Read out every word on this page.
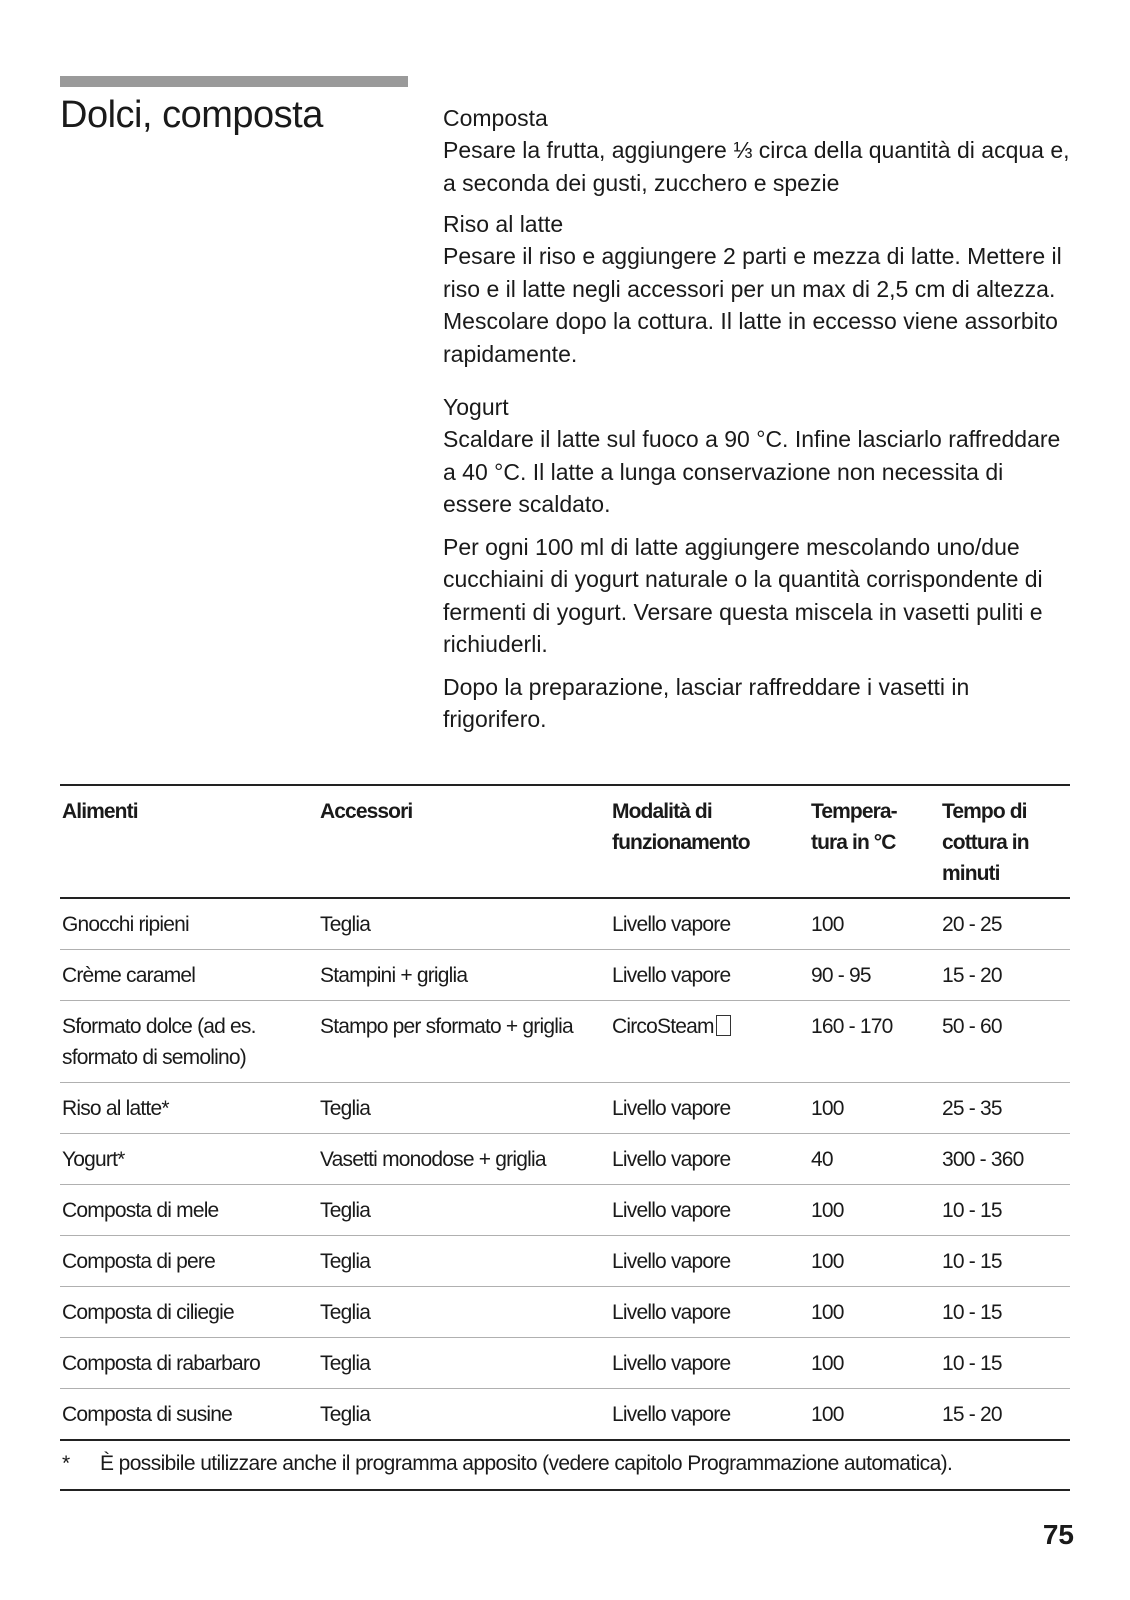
Dolci, composta	Composta

Pesare la frutta, aggiungere ⅓ circa della quantità di acqua e, a seconda dei gusti, zucchero e spezie

Riso al latte

Pesare il riso e aggiungere 2 parti e mezza di latte. Mettere il riso e il latte negli accessori per un max di 2,5 cm di altezza. Mescolare dopo la cottura. Il latte in eccesso viene assorbito rapidamente.

Yogurt

Scaldare il latte sul fuoco a 90 °C. Infine lasciarlo raffreddare a 40 °C. Il latte a lunga conservazione non necessita di essere scaldato.

Per ogni 100 ml di latte aggiungere mescolando uno/due cucchiaini di yogurt naturale o la quantità corrispondente di fermenti di yogurt. Versare questa miscela in vasetti puliti e richiuderli.

Dopo la preparazione, lasciar raffreddare i vasetti in frigorifero.

Alimenti	Accessori	Modalità di funzionamento	Tempera- tura in °C	Tempo di cottura in minuti
Gnocchi ripieni	Teglia	Livello vapore	100	20 - 25
Crème caramel	Stampini + griglia	Livello vapore	90 - 95	15 - 20
Sformato dolce (ad es. sformato di semolino)	Stampo per sformato + griglia	CircoSteam	160 - 170	50 - 60
Riso al latte*	Teglia	Livello vapore	100	25 - 35
Yogurt*	Vasetti monodose + griglia	Livello vapore	40	300 - 360
Composta di mele	Teglia	Livello vapore	100	10 - 15
Composta di pere	Teglia	Livello vapore	100	10 - 15
Composta di ciliegie	Teglia	Livello vapore	100	10 - 15
Composta di rabarbaro	Teglia	Livello vapore	100	10 - 15
Composta di susine	Teglia	Livello vapore	100	15 - 20
*	È possibile utilizzare anche il programma apposito (vedere capitolo Programmazione automatica).
75
